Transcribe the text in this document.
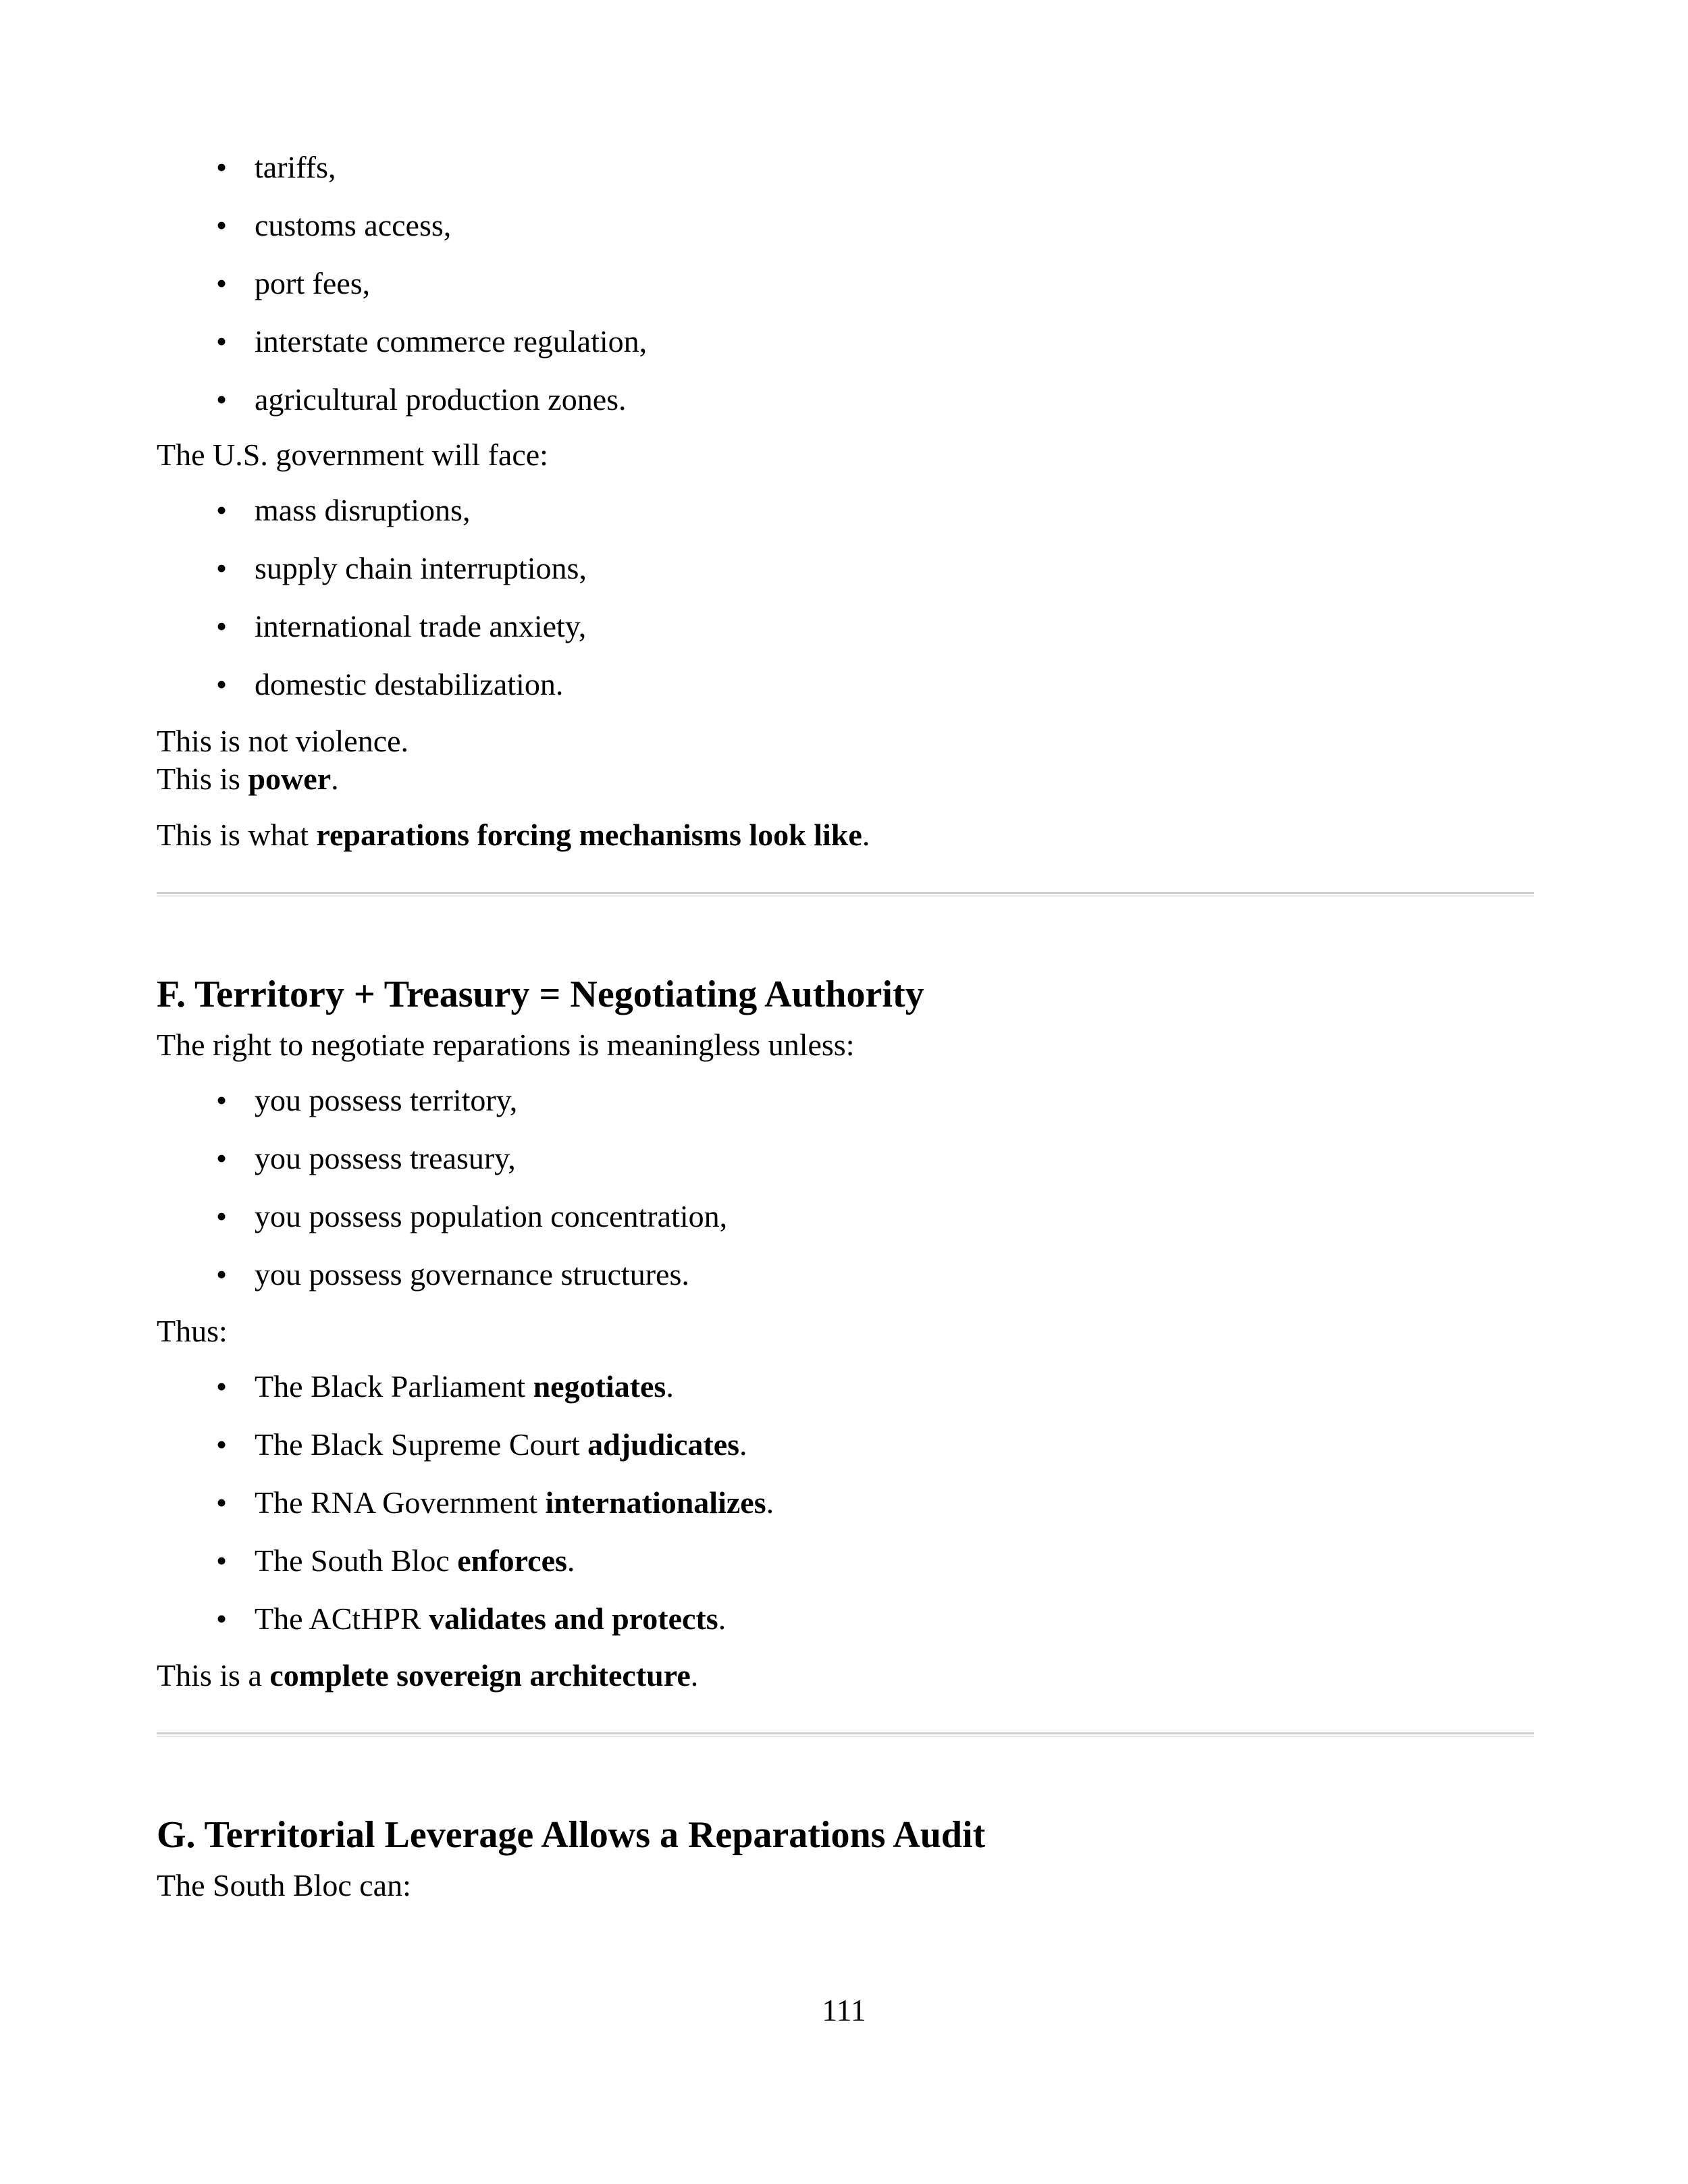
• tariffs,
• customs access,
• port fees,
• interstate commerce regulation,
• agricultural production zones.

The U.S. government will face:

• mass disruptions,
• supply chain interruptions,
• international trade anxiety,
• domestic destabilization.

This is not violence.

This is power.

This is what reparations forcing mechanisms look like.

F. Territory + Treasury = Negotiating Authority

The right to negotiate reparations is meaningless unless:

• you possess territory,
• you possess treasury,
• you possess population concentration,
• you possess governance structures.

Thus:

• The Black Parliament negotiates.
• The Black Supreme Court adjudicates.
• The RNA Government internationalizes.
• The South Bloc enforces.
• The ACtHPR validates and protects.

This is a complete sovereign architecture.

G. Territorial Leverage Allows a Reparations Audit

The South Bloc can:

111
